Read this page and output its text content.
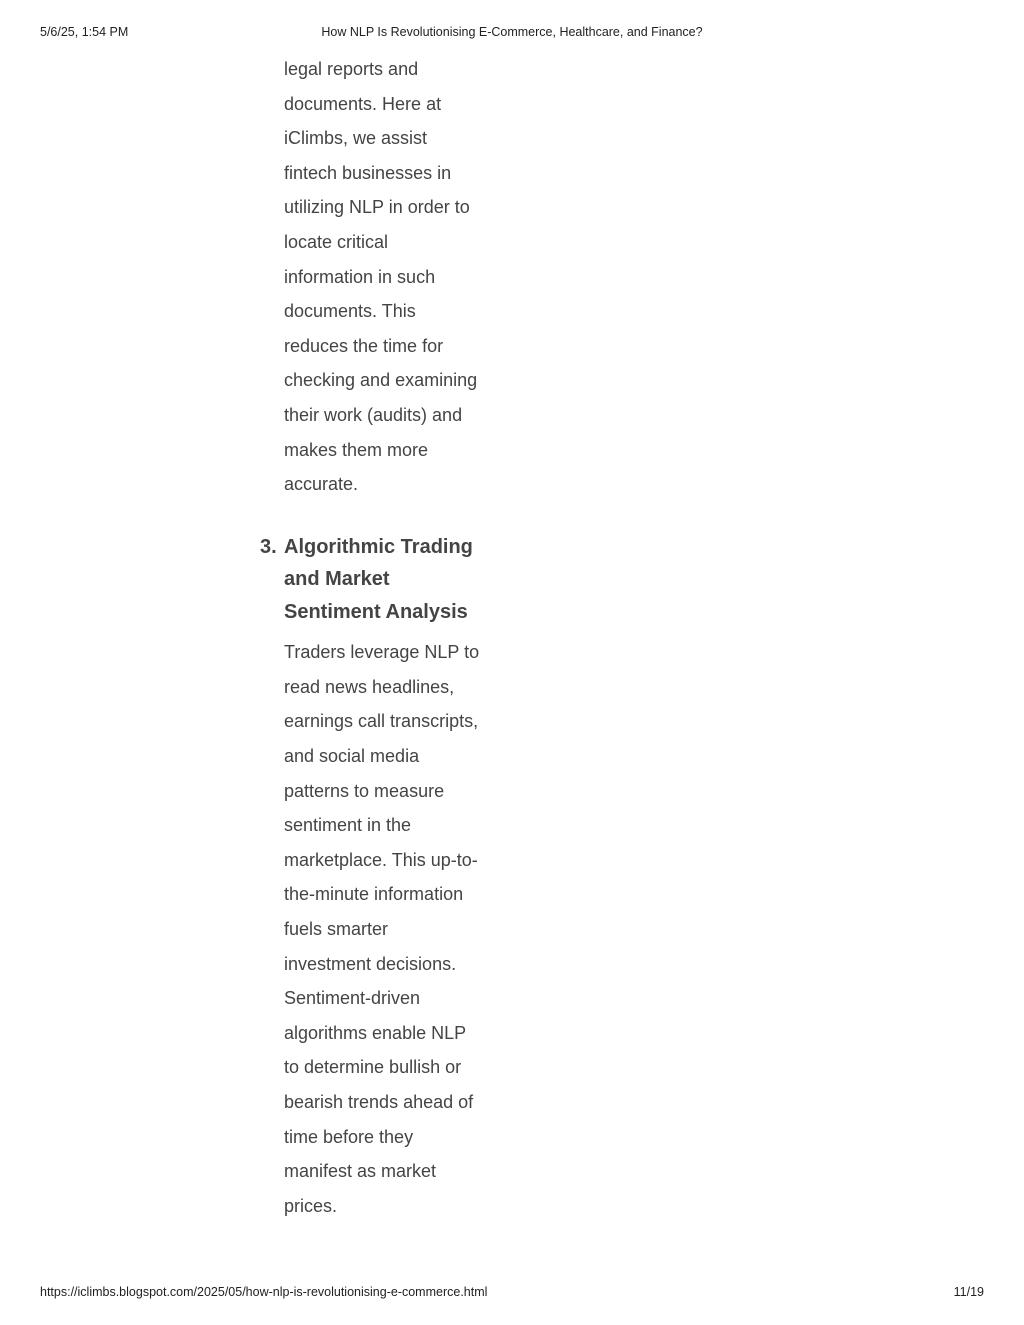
5/6/25, 1:54 PM	How NLP Is Revolutionising E-Commerce, Healthcare, and Finance?

legal reports and documents. Here at iClimbs, we assist fintech businesses in utilizing NLP in order to locate critical information in such documents. This reduces the time for checking and examining their work (audits) and makes them more accurate.

3. Algorithmic Trading and Market Sentiment Analysis

Traders leverage NLP to read news headlines, earnings call transcripts, and social media patterns to measure sentiment in the marketplace. This up-to-the-minute information fuels smarter investment decisions. Sentiment-driven algorithms enable NLP to determine bullish or bearish trends ahead of time before they manifest as market prices.

https://iclimbs.blogspot.com/2025/05/how-nlp-is-revolutionising-e-commerce.html	11/19
